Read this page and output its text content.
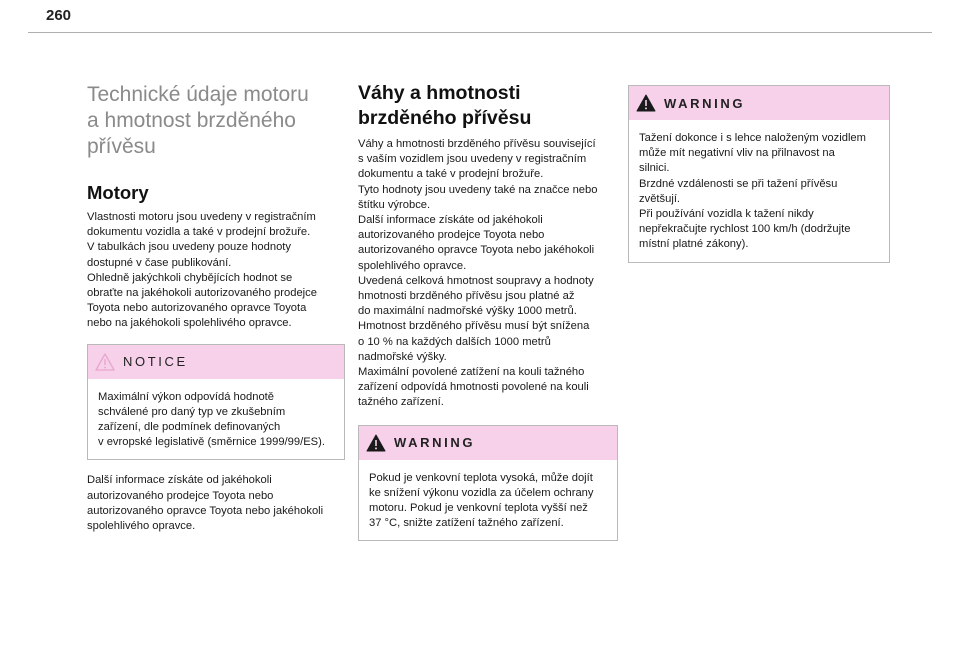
260
Technické údaje motoru
a hmotnost brzděného
přívěsu
Motory

Vlastnosti motoru jsou uvedeny v registračním
dokumentu vozidla a také v prodejní brožuře.
V tabulkách jsou uvedeny pouze hodnoty
dostupné v čase publikování.
Ohledně jakýchkoli chybějících hodnot se
obraťte na jakéhokoli autorizovaného prodejce
Toyota nebo autorizovaného opravce Toyota
nebo na jakéhokoli spolehlivého opravce.

NOTICE
Maximální výkon odpovídá hodnotě
schválené pro daný typ ve zkušebním
zařízení, dle podmínek definovaných
v evropské legislativě (směrnice 1999/99/ES).

Další informace získáte od jakéhokoli
autorizovaného prodejce Toyota nebo
autorizovaného opravce Toyota nebo jakéhokoli
spolehlivého opravce.

Váhy a hmotnosti
brzděného přívěsu

Váhy a hmotnosti brzděného přívěsu související
s vaším vozidlem jsou uvedeny v registračním
dokumentu a také v prodejní brožuře.
Tyto hodnoty jsou uvedeny také na značce nebo
štítku výrobce.
Další informace získáte od jakéhokoli
autorizovaného prodejce Toyota nebo
autorizovaného opravce Toyota nebo jakéhokoli
spolehlivého opravce.
Uvedená celková hmotnost soupravy a hodnoty
hmotnosti brzděného přívěsu jsou platné až
do maximální nadmořské výšky 1000 metrů.
Hmotnost brzděného přívěsu musí být snížena
o 10 % na každých dalších 1000 metrů
nadmořské výšky.
Maximální povolené zatížení na kouli tažného
zařízení odpovídá hmotnosti povolené na kouli
tažného zařízení.

WARNING
Pokud je venkovní teplota vysoká, může dojít
ke snížení výkonu vozidla za účelem ochrany
motoru. Pokud je venkovní teplota vyšší než
37 °C, snižte zatížení tažného zařízení.
WARNING
Tažení dokonce i s lehce naloženým vozidlem
může mít negativní vliv na přilnavost na
silnici.
Brzdné vzdálenosti se při tažení přívěsu
zvětšují.
Při používání vozidla k tažení nikdy
nepřekračujte rychlost 100 km/h (dodržujte
místní platné zákony).
